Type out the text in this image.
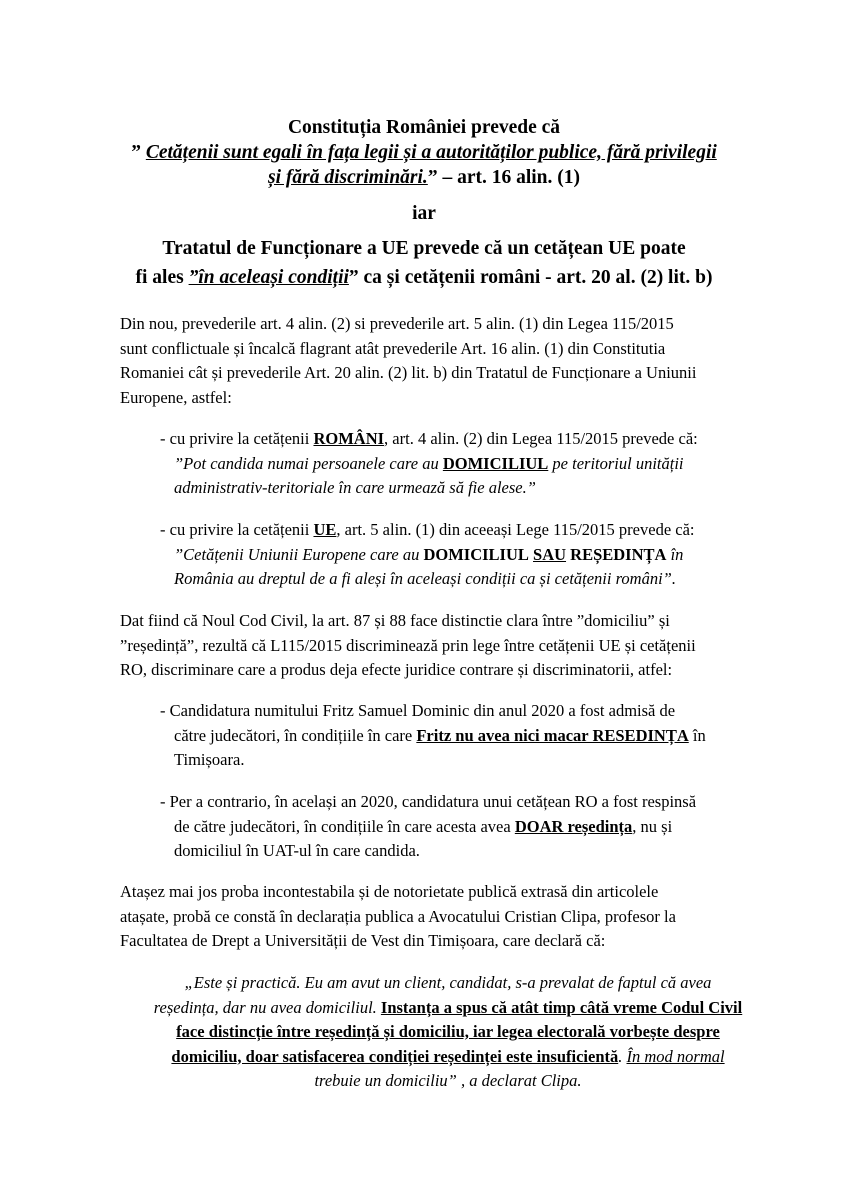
Constituția României prevede că
” Cetățenii sunt egali în fața legii și a autorităților publice, fără privilegii
și fără discriminări.” – art. 16 alin. (1)
iar
Tratatul de Funcționare a UE prevede că un cetățean UE poate
fi ales ”în aceleași condiții” ca și cetățenii români - art. 20 al. (2) lit. b)
Din nou, prevederile art. 4 alin. (2) si prevederile art. 5 alin. (1) din Legea 115/2015
sunt conflictuale și încalcă flagrant atât prevederile Art. 16 alin. (1) din Constitutia
Romaniei cât și prevederile Art. 20 alin. (2) lit. b) din Tratatul de Funcționare a Uniunii
Europene, astfel:
- cu privire la cetățenii ROMÂNI, art. 4 alin. (2) din Legea 115/2015 prevede că:
”Pot candida numai persoanele care au DOMICILIUL pe teritoriul unității
administrativ-teritoriale în care urmează să fie alese.”
- cu privire la cetățenii UE, art. 5 alin. (1) din aceeași Lege 115/2015 prevede că:
”Cetățenii Uniunii Europene care au DOMICILIUL SAU REȘEDINȚA în
România au dreptul de a fi aleși în aceleași condiții ca și cetățenii români”.
Dat fiind că Noul Cod Civil, la art. 87 și 88 face distinctie clara între ”domiciliu” și
”reședință”, rezultă că L115/2015 discriminează prin lege între cetățenii UE și cetățenii
RO, discriminare care a produs deja efecte juridice contrare și discriminatorii, atfel:
- Candidatura numitului Fritz Samuel Dominic din anul 2020 a fost admisă de
către judecători, în condițiile în care Fritz nu avea nici macar RESEDINȚA în
Timișoara.
- Per a contrario, în același an 2020, candidatura unui cetățean RO a fost respinsă
de către judecători, în condițiile în care acesta avea DOAR reședința, nu și
domiciliul în UAT-ul în care candida.
Atașez mai jos proba incontestabila și de notorietate publică extrasă din articolele
atașate, probă ce constă în declarația publica a Avocatului Cristian Clipa, profesor la
Facultatea de Drept a Universității de Vest din Timișoara, care declară că:
„Este și practică. Eu am avut un client, candidat, s-a prevalat de faptul că avea
reședința, dar nu avea domiciliul. Instanța a spus că atât timp câtă vreme Codul Civil
face distincție între reședință și domiciliu, iar legea electorală vorbește despre
domiciliu, doar satisfacerea condiției reședinței este insuficientă. În mod normal
trebuie un domiciliu” , a declarat Clipa.
